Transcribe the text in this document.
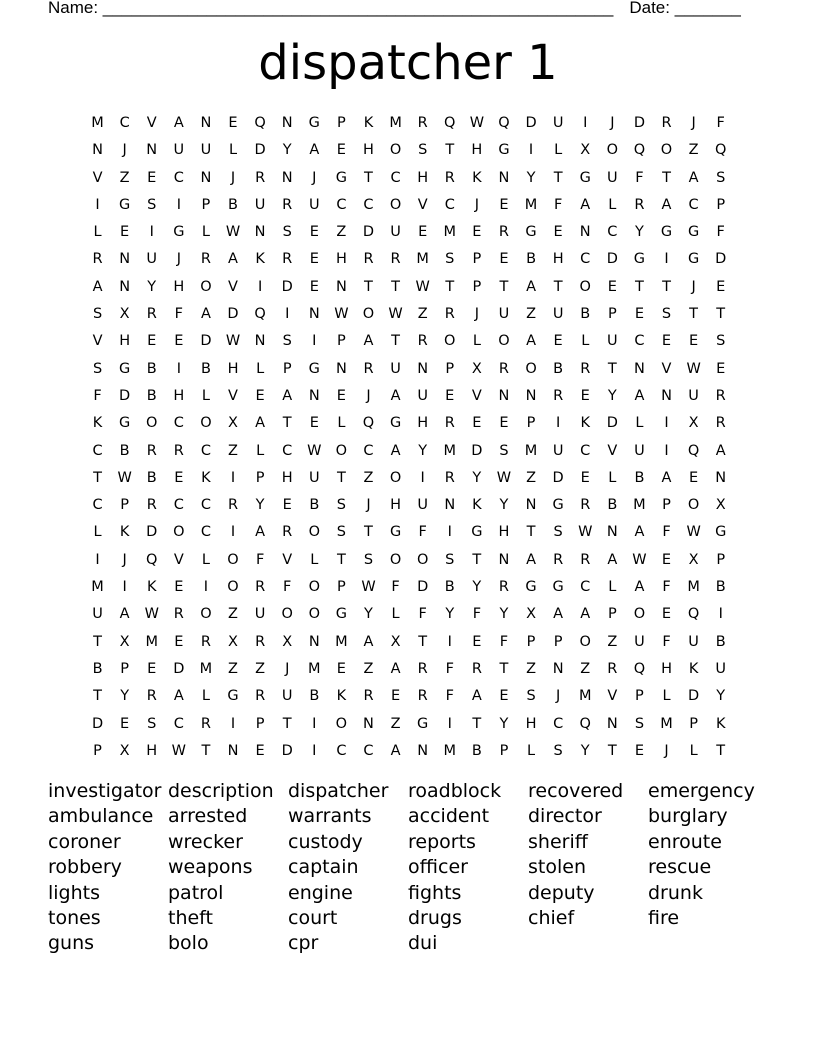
Name: ______________________________________________________ Date: _______
dispatcher 1
M	C	V	A	N	E	Q	N	G	P	K	M	R	Q W Q	D	U	I	J	D	R	J	F
N	J	N	U	U	L	D	Y	A	E	H	O	S	T	H	G	I	L	X	O	Q	O	Z	Q
V	Z	E	C	N	J	R	N	J	G	T	C	H	R	K	N	Y	T	G	U	F	T	A	S
I	G	S	I	P	B	U	R	U	C	C	O	V	C	J	E	M	F	A	L	R	A	C	P
L	E	I	G	L	W N	S	E	Z	D	U	E	M	E	R	G	E	N	C	Y	G	G	F
R	N	U	J	R	A	K	R	E	H	R	R	M	S	P	E	B	H	C	D	G	I	G	D
A	N	Y	H	O	V	I	D	E	N	T	T	W	T	P	T	A	T	O	E	T	T	J	E
S	X	R	F	A	D	Q	I	N	W O W	Z	R	J	U	Z	U	B	P	E	S	T	T
V	H	E	E	D W N	S	I	P	A	T	R	O	L	O	A	E	L	U	C	E	E	S
S	G	B	I	B	H	L	P	G	N	R	U	N	P	X	R	O	B	R	T	N	V	W	E
F	D	B	H	L	V	E	A	N	E	J	A	U	E	V	N	N	R	E	Y	A	N	U	R
K	G	O	C	O	X	A	T	E	L	Q	G	H	R	E	E	P	I	K	D	L	I	X	R
C	B	R	R	C	Z	L	C	W O	C	A	Y	M	D	S	M	U	C	V	U	I	Q	A
T	W	B	E	K	I	P	H	U	T	Z	O	I	R	Y	W	Z	D	E	L	B	A	E	N
C	P	R	C	C	R	Y	E	B	S	J	H	U	N	K	Y	N	G	R	B	M	P	O	X
L	K	D	O	C	I	A	R	O	S	T	G	F	I	G	H	T	S	W N	A	F	W G
I	J	Q	V	L	O	F	V	L	T	S	O	O	S	T	N	A	R	R	A	W	E	X	P
M	I	K	E	I	O	R	F	O	P	W	F	D	B	Y	R	G	G	C	L	A	F	M	B
U	A	W	R	O	Z	U	O	O	G	Y	L	F	Y	F	Y	X	A	A	P	O	E	Q	I
T	X	M	E	R	X	R	X	N	M	A	X	T	I	E	F	P	P	O	Z	U	F	U	B
B	P	E	D	M	Z	Z	J	M	E	Z	A	R	F	R	T	Z	N	Z	R	Q	H	K	U
T	Y	R	A	L	G	R	U	B	K	R	E	R	F	A	E	S	J	M	V	P	L	D	Y
D	E	S	C	R	I	P	T	I	O	N	Z	G	I	T	Y	H	C	Q	N	S	M	P	K
P	X	H W	T	N	E	D	I	C	C	A	N	M	B	P	L	S	Y	T	E	J	L	T
investigator description dispatcher	roadblock	recovered	emergency
ambulance arrested	warrants	accident	director	burglary
coroner	wrecker	custody	reports	sheriff	enroute
robbery	weapons	captain	officer	stolen	rescue
lights	patrol	engine	fights	deputy	drunk
tones	theft	court	drugs	chief	fire
guns	bolo	cpr	dui
